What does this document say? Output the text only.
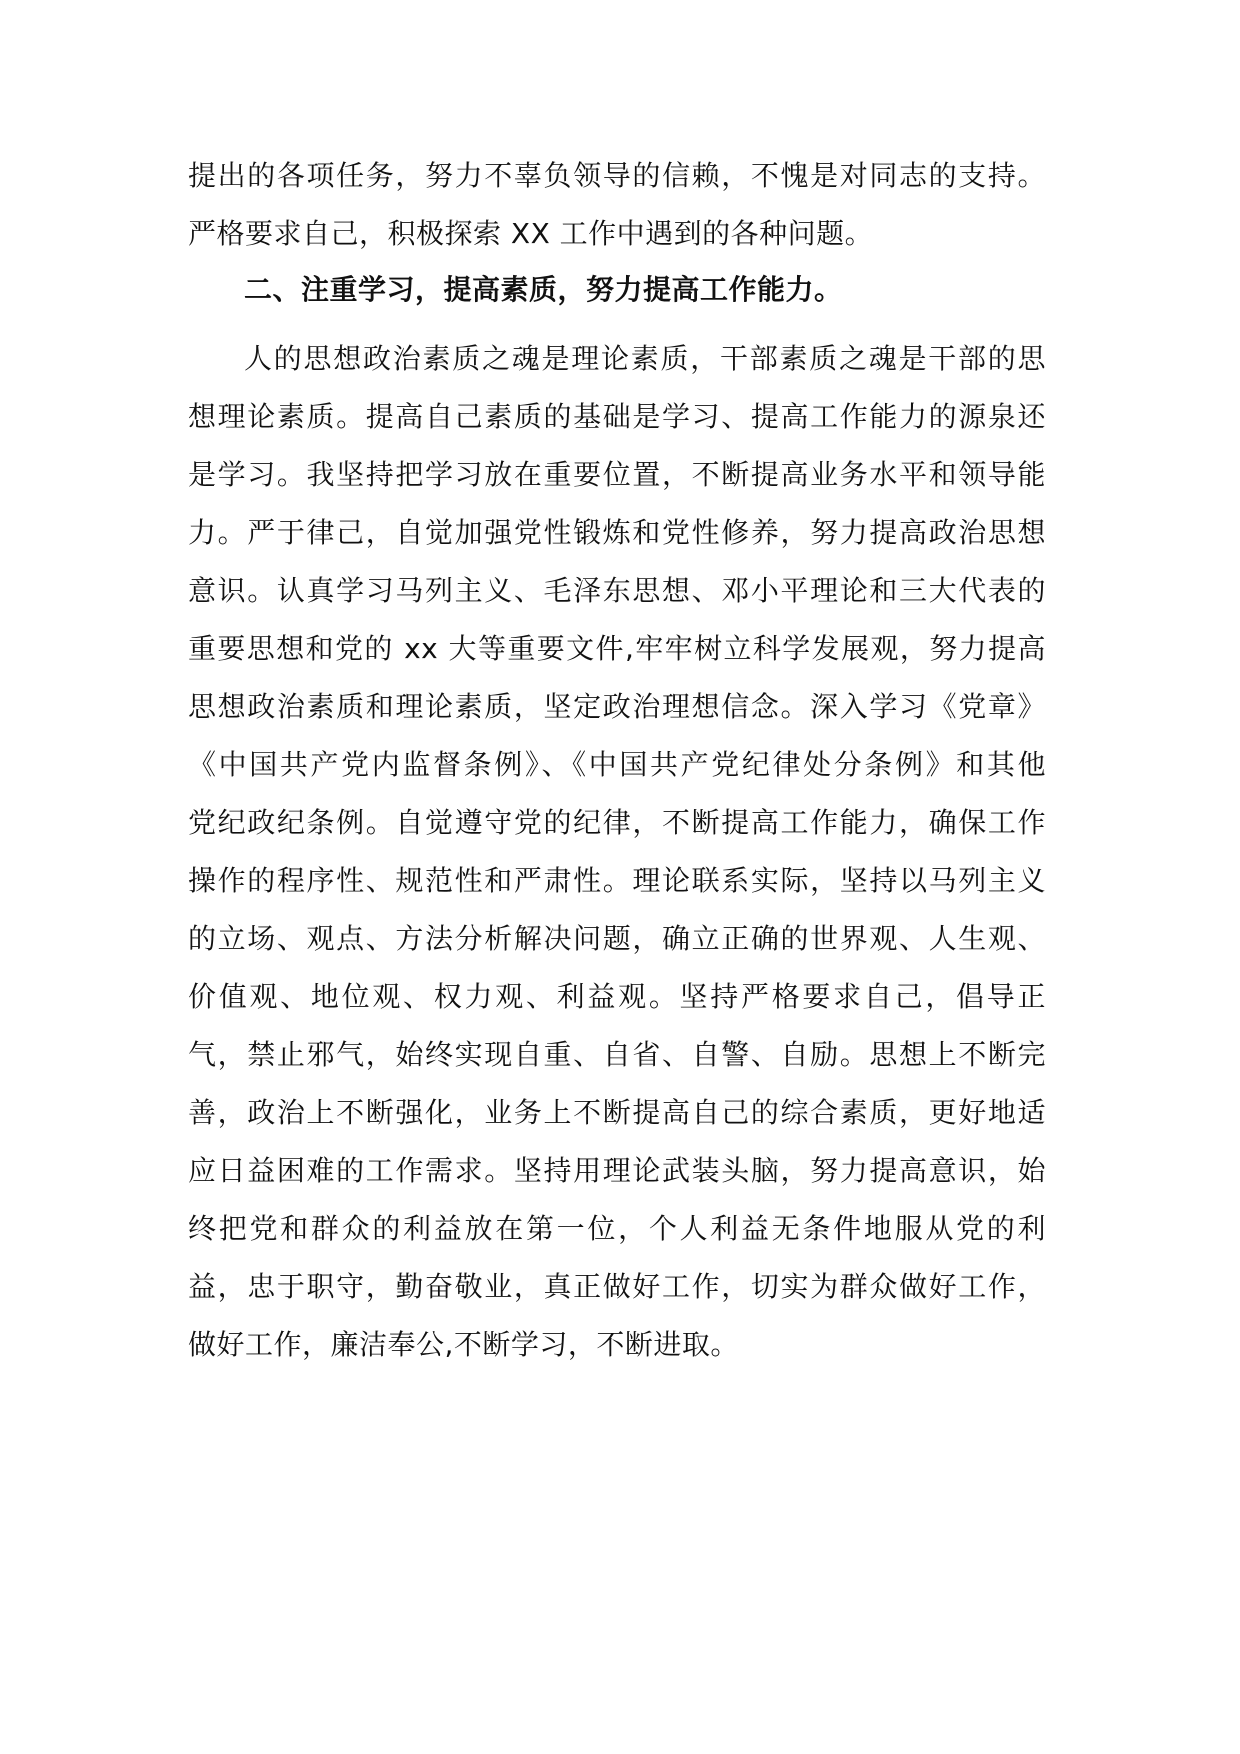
提出的各项任务，努力不辜负领导的信赖，不愧是对同志的支持。
严格要求自己，积极探索 XX 工作中遇到的各种问题。
二、注重学习，提高素质，努力提高工作能力。
人的思想政治素质之魂是理论素质，干部素质之魂是干部的思
想理论素质。提高自己素质的基础是学习、提高工作能力的源泉还
是学习。我坚持把学习放在重要位置，不断提高业务水平和领导能
力。严于律己，自觉加强党性锻炼和党性修养，努力提高政治思想
意识。认真学习马列主义、毛泽东思想、邓小平理论和三大代表的
重要思想和党的 xx 大等重要文件,牢牢树立科学发展观，努力提高
思想政治素质和理论素质，坚定政治理想信念。深入学习《党章》
《中国共产党内监督条例》、《中国共产党纪律处分条例》和其他
党纪政纪条例。自觉遵守党的纪律，不断提高工作能力，确保工作
操作的程序性、规范性和严肃性。理论联系实际，坚持以马列主义
的立场、观点、方法分析解决问题，确立正确的世界观、人生观、
价值观、地位观、权力观、利益观。坚持严格要求自己，倡导正
气，禁止邪气，始终实现自重、自省、自警、自励。思想上不断完
善，政治上不断强化，业务上不断提高自己的综合素质，更好地适
应日益困难的工作需求。坚持用理论武装头脑，努力提高意识，始
终把党和群众的利益放在第一位，个人利益无条件地服从党的利
益，忠于职守，勤奋敬业，真正做好工作，切实为群众做好工作，
做好工作，廉洁奉公,不断学习，不断进取。
